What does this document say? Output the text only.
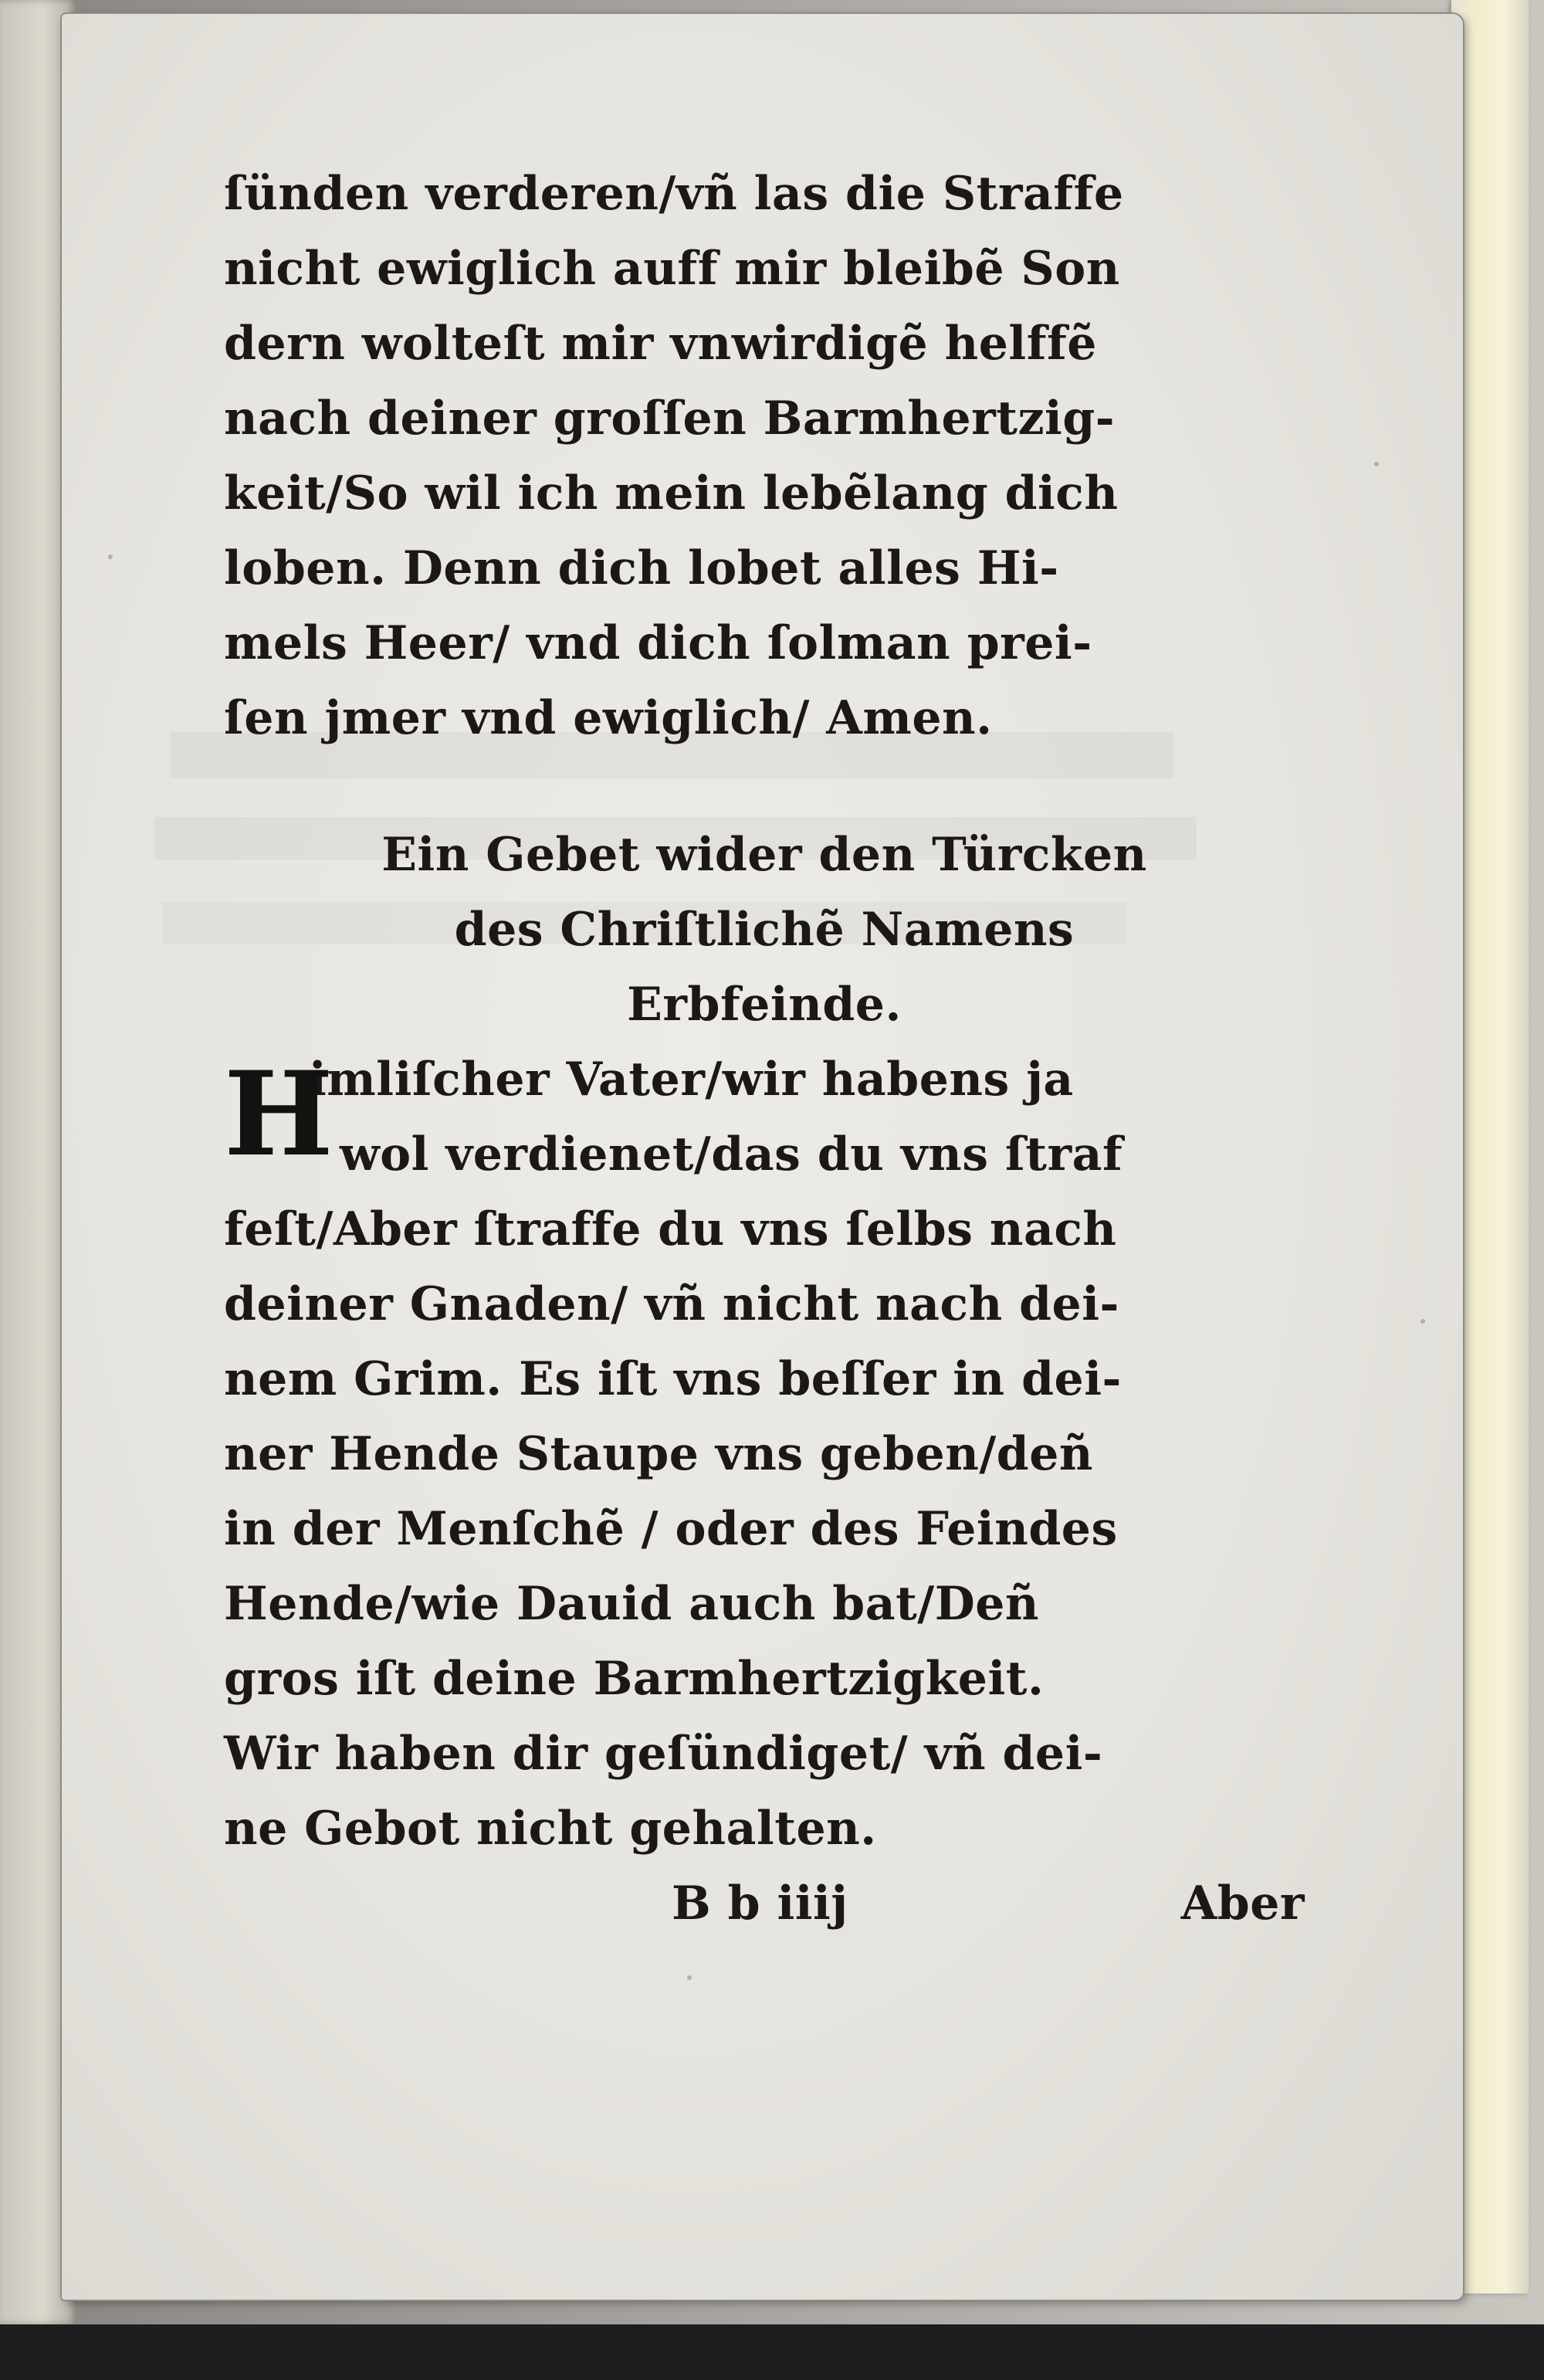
ſünden verderen/vñ las die Straffe
nicht ewiglich auff mir bleibẽ Son
dern wolteſt mir vnwirdigẽ helffẽ
nach deiner groſſen Barmhertzig-
keit/So wil ich mein lebẽlang dich
loben. Denn dich lobet alles Hi-
mels Heer/ vnd dich ſolman prei-
ſen jmer vnd ewiglich/ Amen.
Ein Gebet wider den Türcken
des Chriſtlichẽ Namens
Erbfeinde.
H
imliſcher Vater/wir habens ja
wol verdienet/das du vns ſtraf
feſt/Aber ſtraffe du vns ſelbs nach
deiner Gnaden/ vñ nicht nach dei-
nem Grim. Es iſt vns beſſer in dei-
ner Hende Staupe vns geben/deñ
in der Menſchẽ / oder des Feindes
Hende/wie Dauid auch bat/Deñ
gros iſt deine Barmhertzigkeit.
Wir haben dir geſündiget/ vñ dei-
ne Gebot nicht gehalten.
B b iiij	Aber
